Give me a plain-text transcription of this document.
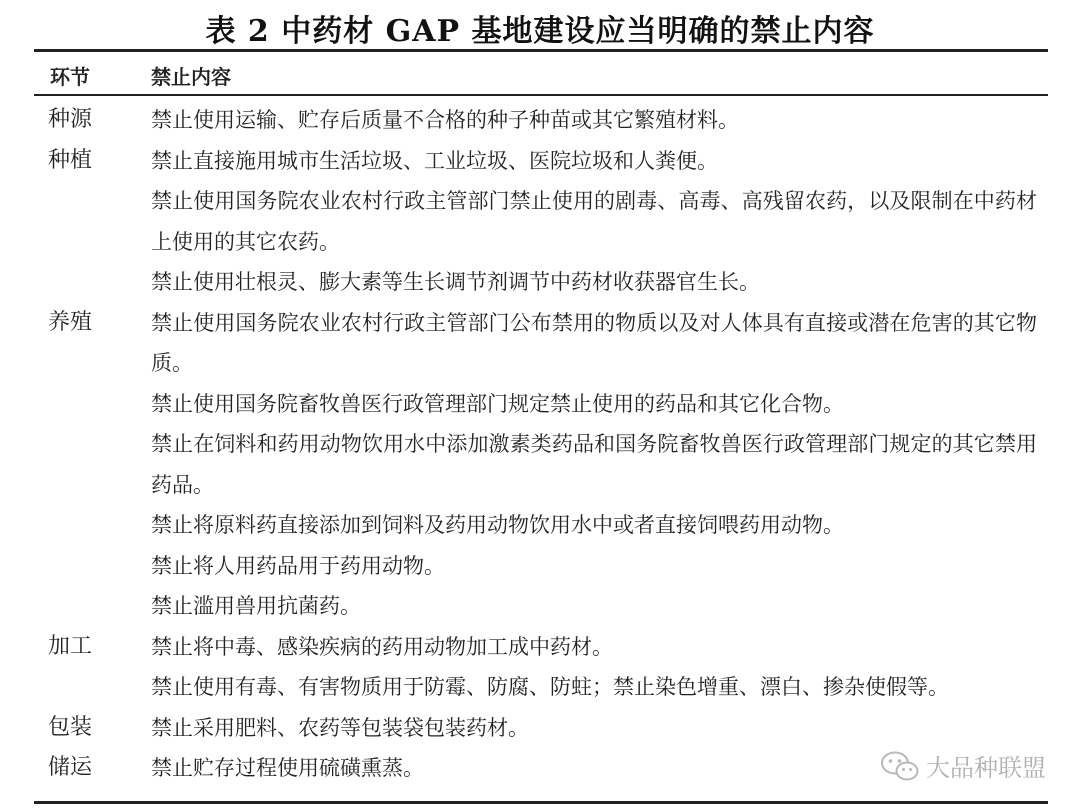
表 2 中药材 GAP 基地建设应当明确的禁止内容
环节	禁止内容
种源	禁止使用运输、贮存后质量不合格的种子种苗或其它繁殖材料。
种植	禁止直接施用城市生活垃圾、工业垃圾、医院垃圾和人粪便。
禁止使用国务院农业农村行政主管部门禁止使用的剧毒、高毒、高残留农药，以及限制在中药材上使用的其它农药。
禁止使用壮根灵、膨大素等生长调节剂调节中药材收获器官生长。
养殖	禁止使用国务院农业农村行政主管部门公布禁用的物质以及对人体具有直接或潜在危害的其它物质。
禁止使用国务院畜牧兽医行政管理部门规定禁止使用的药品和其它化合物。
禁止在饲料和药用动物饮用水中添加激素类药品和国务院畜牧兽医行政管理部门规定的其它禁用药品。
禁止将原料药直接添加到饲料及药用动物饮用水中或者直接饲喂药用动物。
禁止将人用药品用于药用动物。
禁止滥用兽用抗菌药。
加工	禁止将中毒、感染疾病的药用动物加工成中药材。
禁止使用有毒、有害物质用于防霉、防腐、防蛀；禁止染色增重、漂白、掺杂使假等。
包装	禁止采用肥料、农药等包装袋包装药材。
储运	禁止贮存过程使用硫磺熏蒸。	大品种联盟
